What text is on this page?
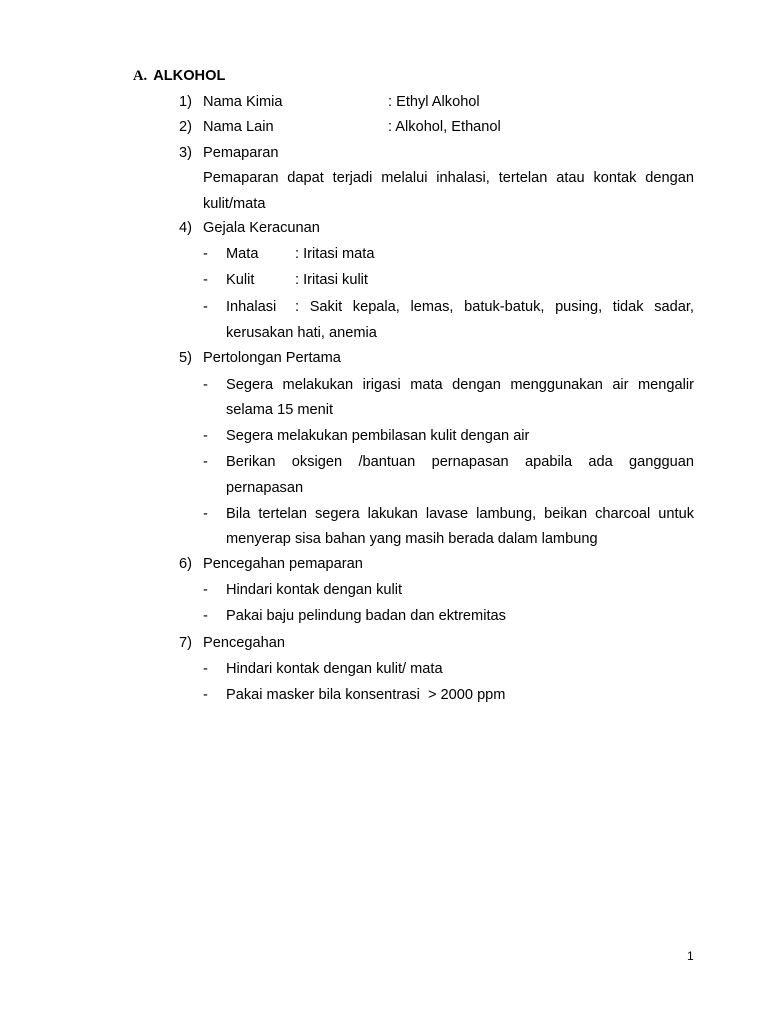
A. ALKOHOL
1) Nama Kimia	: Ethyl Alkohol
2) Nama Lain	: Alkohol, Ethanol
3) Pemaparan
Pemaparan dapat terjadi melalui inhalasi, tertelan atau kontak dengan
kulit/mata
4) Gejala Keracunan
- Mata	: Iritasi mata
- Kulit	: Iritasi kulit
- Inhalasi : Sakit kepala, lemas, batuk-batuk, pusing, tidak sadar,
kerusakan hati, anemia
5) Pertolongan Pertama
- Segera melakukan irigasi mata dengan menggunakan air mengalir
selama 15 menit
- Segera melakukan pembilasan kulit dengan air
- Berikan oksigen /bantuan pernapasan apabila ada gangguan
pernapasan
- Bila tertelan segera lakukan lavase lambung, beikan charcoal untuk
menyerap sisa bahan yang masih berada dalam lambung
6) Pencegahan pemaparan
- Hindari kontak dengan kulit
- Pakai baju pelindung badan dan ektremitas
7) Pencegahan
- Hindari kontak dengan kulit/ mata
- Pakai masker bila konsentrasi  > 2000 ppm
1
